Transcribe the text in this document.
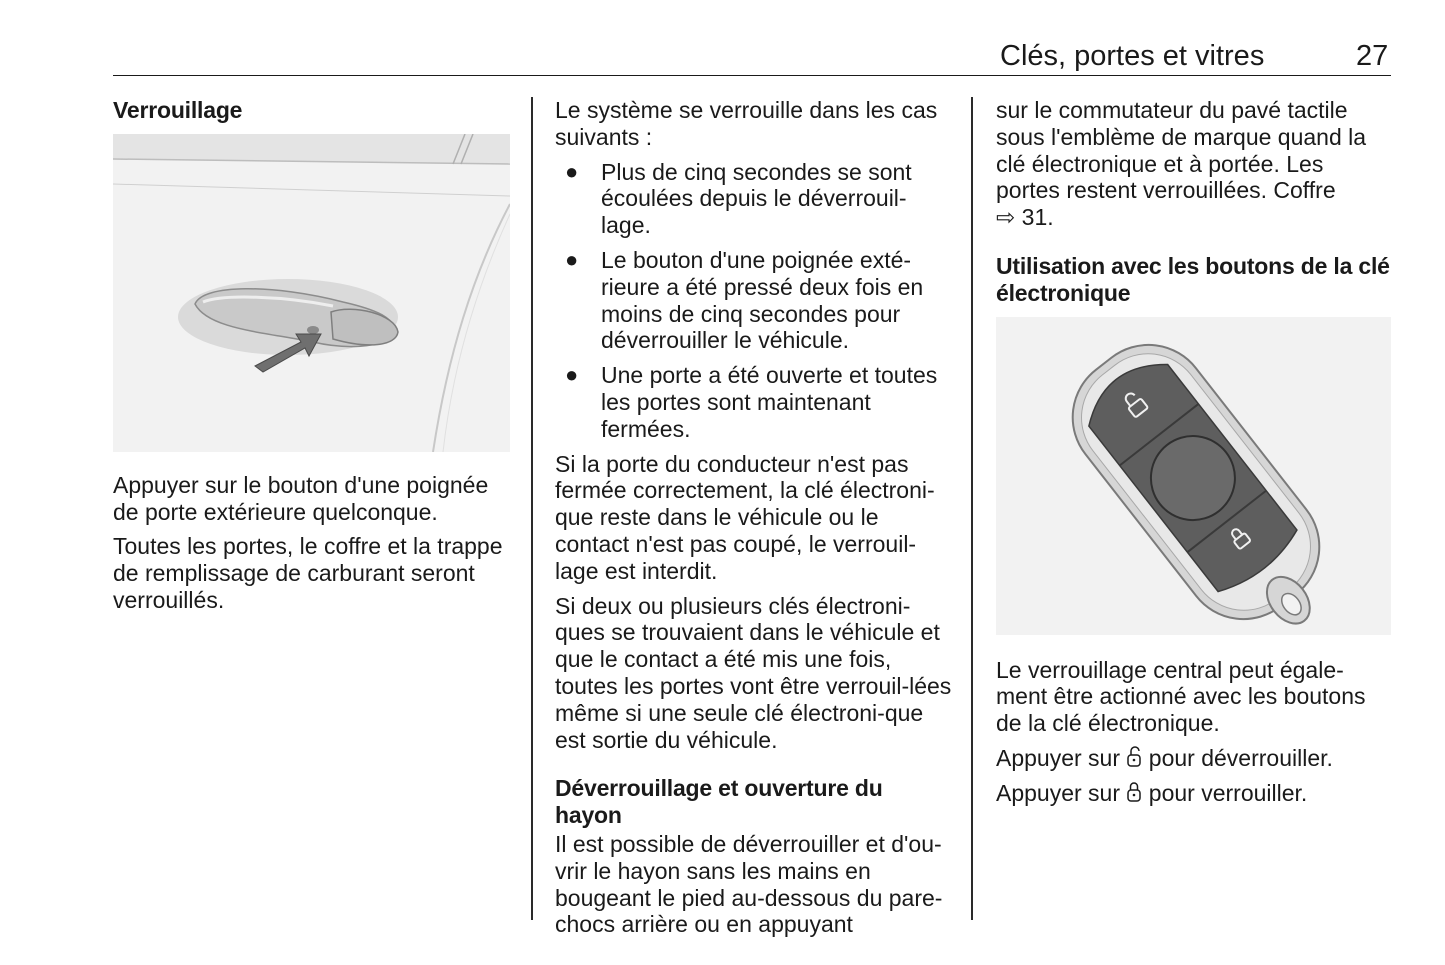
Clés, portes et vitres	27
Verrouillage

Appuyer sur le bouton d'une poignée de porte extérieure quelconque.

Toutes les portes, le coffre et la trappe de remplissage de carburant seront verrouillés.

Le système se verrouille dans les cas suivants :

● Plus de cinq secondes se sont écoulées depuis le déverrouil-lage.
● Le bouton d'une poignée exté-rieure a été pressé deux fois en moins de cinq secondes pour déverrouiller le véhicule.
● Une porte a été ouverte et toutes les portes sont maintenant fermées.

Si la porte du conducteur n'est pas fermée correctement, la clé électroni-que reste dans le véhicule ou le contact n'est pas coupé, le verrouil-lage est interdit.

Si deux ou plusieurs clés électroni-ques se trouvaient dans le véhicule et que le contact a été mis une fois, toutes les portes vont être verrouil-lées même si une seule clé électroni-que est sortie du véhicule.

Déverrouillage et ouverture du hayon

Il est possible de déverrouiller et d'ou-vrir le hayon sans les mains en bougeant le pied au-dessous du pare-chocs arrière ou en appuyant

sur le commutateur du pavé tactile sous l'emblème de marque quand la clé électronique et à portée. Les portes restent verrouillées. Coffre
⇨ 31.

Utilisation avec les boutons de la clé électronique

Le verrouillage central peut égale-ment être actionné avec les boutons de la clé électronique.

Appuyer sur pour déverrouiller.

Appuyer sur pour verrouiller.
